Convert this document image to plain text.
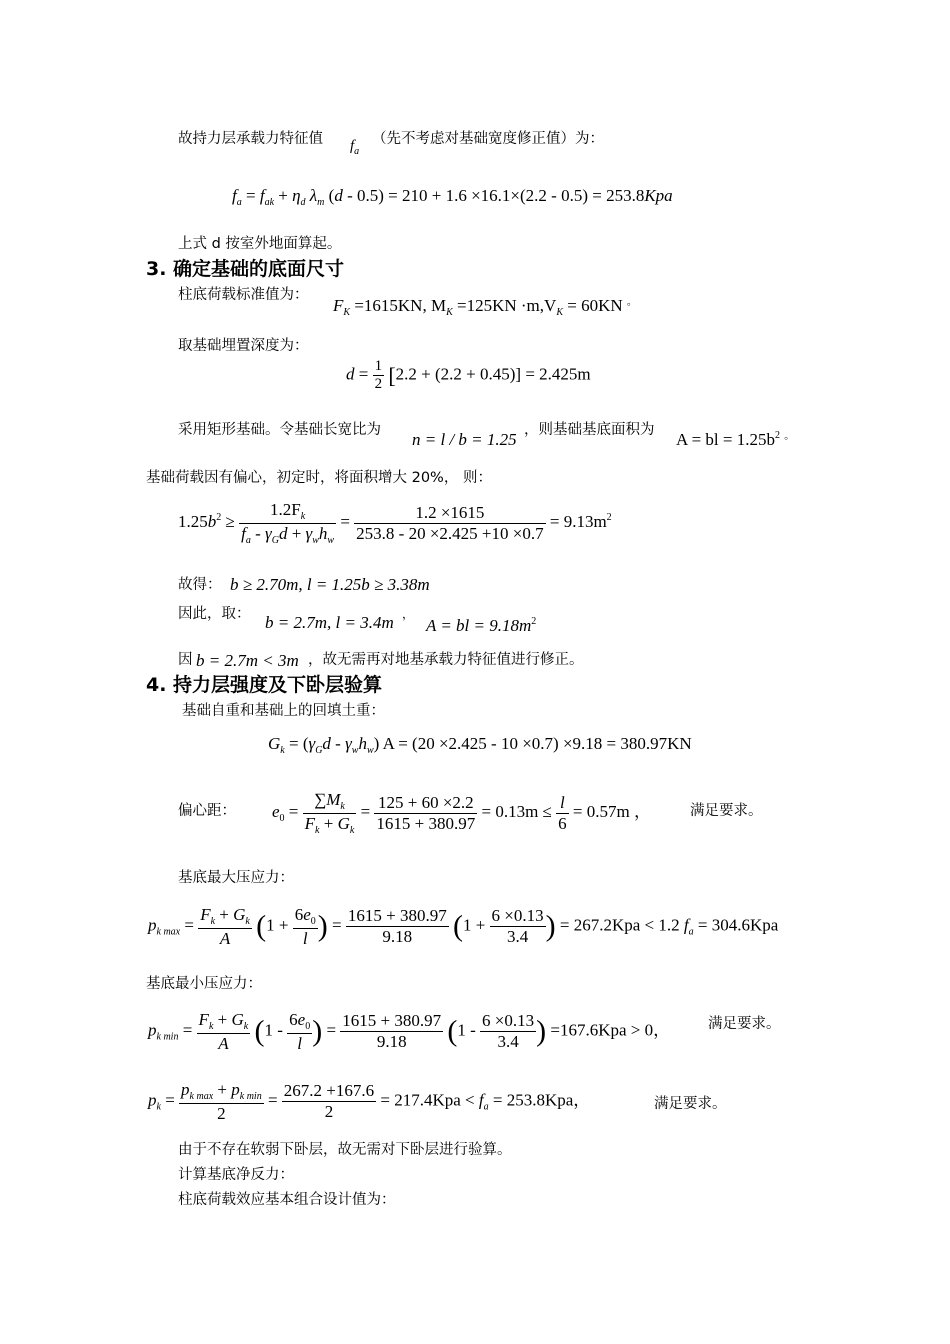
故持力层承载力特征值 $f_a$
（先不考虑对基础宽度修正值）为：
$f_a = f_{ak} + \eta_d$ $\lambda_m$ (d - 0.5) = 210 + 1.6 ×16.1×(2.2 - 0.5) = 253.8Kpa
上式 d 按室外地面算起。
3. 确定基础的底面尺寸
柱底荷载标准值为：
$F_K =1615KN$, $M_K =125KN \cdot m,V_K = 60KN$ 。
取基础埋置深度为：
$d = \frac{1}{2} [2.2 + (2.2 + 0.45)] = 2.425m$
采用矩形基础。令基础长宽比为 n = l / b = 1.25 ，则基础基底面积为 A = bl = $1.25b^2$ 。
基础荷载因有偏心，初定时，将面积增大 20%， 则：
$1.25b^2 \ge \frac{1.2F_k}{f_a - \gamma_Gd + \gamma_wh_w} = \frac{1.2 \times 1615}{253.8 - 20 \times 2.425 +10 \times 0.7} = 9.13m^2$
故得： b ≥ 2.70m, l = 1.25b ≥ 3.38m
因此，取： b = 2.7m, l = 3.4m ，
A = bl = $9.18m^2$
因 b = 2.7m < 3m ，故无需再对地基承载力特征值进行修正。
4. 持力层强度及下卧层验算
基础自重和基础上的回填土重：
$G_k = (\gamma_Gd - \gamma_wh_w) A = (20 \times 2.425 - 10 \times 0.7) \times 9.18 = 380.97KN$
偏心距： $e_0 = \frac{\sum M_k}{F_k + G_k} = \frac{125 + 60 \times 2.2}{1615 + 380.97} = 0.13m \le \frac{l}{6} = 0.57m$ ，	满足要求。
基底最大压应力：
$p_{k max} = \frac{F_k + G_k}{A} (1 + \frac{6e_0}{l}$ ) = $\frac{1615 + 380.97}{9.18} (1 + \frac{6 \times 0.13}{3.4}$ ) = 267.2Kpa < 1.2 $f_a = 304.6Kpa$
基底最小压应力：
$p_{k min} = \frac{F_k + G_k}{A} (1 - \frac{6e_0}{l}$ ) = $\frac{1615 + 380.97}{9.18} (1 - \frac{6 \times 0.13}{3.4}$ ) =167.6Kpa > 0，	满足要求。
$p_k = \frac{p_{k max} + p_{k min}}{2} = \frac{267.2 +167.6}{2} = 217.4Kpa < f_a = 253.8Kpa$，	满足要求。
由于不存在软弱下卧层，故无需对下卧层进行验算。
计算基底净反力：
柱底荷载效应基本组合设计值为：
